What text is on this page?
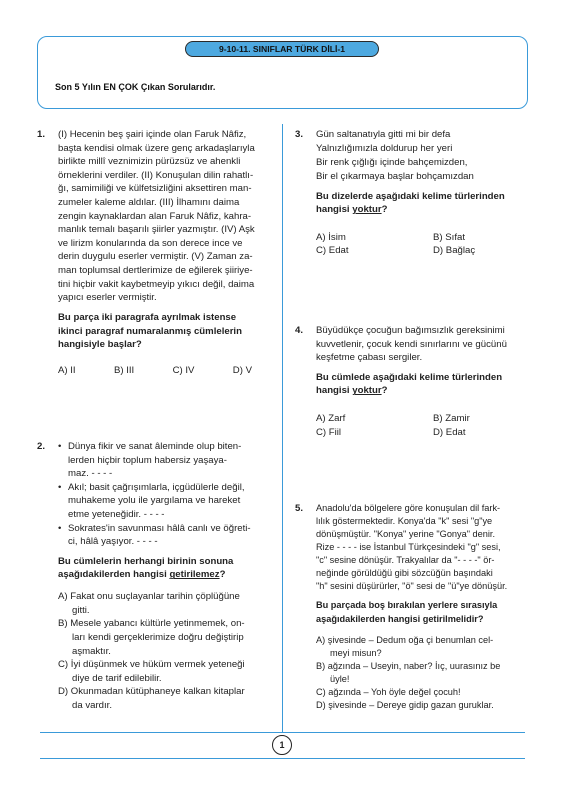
9-10-11. SINIFLAR TÜRK DİLİ-1
Son 5 Yılın EN ÇOK Çıkan Sorularıdır.
1
1. (I) Hecenin beş şairi içinde olan Faruk Nâfiz,
başta kendisi olmak üzere genç arkadaşlarıyla
birlikte millî veznimizin pürüzsüz ve ahenkli
örneklerini verdiler. (II) Konuşulan dilin rahatlı-
ğı, samimiliği ve külfetsizliğini aksettiren man-
zumeler kaleme aldılar. (III) İlhamını daima
zengin kaynaklardan alan Faruk Nâfiz, kahra-
manlık temalı başarılı şiirler yazmıştır. (IV) Aşk
ve lirizm konularında da son derece ince ve
derin duygulu eserler vermiştir. (V) Zaman za-
man toplumsal dertlerimize de eğilerek şiiriye-
tini hiçbir vakit kaybetmeyip yıkıcı değil, daima
yapıcı eserler vermiştir.
Bu parça iki paragrafa ayrılmak istense
ikinci paragraf numaralanmış cümlelerin
hangisiyle başlar?
A) II	B) III	C) IV	D) V
2.
•	Dünya fikir ve sanat âleminde olup biten-
lerden hiçbir toplum habersiz yaşaya-
maz. - - - -
• Akıl; basit çağrışımlarla, içgüdülerle değil,
muhakeme yolu ile yargılama ve hareket
etme yeteneğidir. - - - -
• Sokrates'in savunması hâlâ canlı ve öğreti-
ci, hâlâ yaşıyor. - - - -
Bu cümlelerin herhangi birinin sonuna
aşağıdakilerden hangisi getirilemez?
A) Fakat onu suçlayanlar tarihin çöplüğüne
gitti.
B) Mesele yabancı kültürle yetinmemek, on-
ları kendi gerçeklerimize doğru değiştirip
aşmaktır.
C) İyi düşünmek ve hüküm vermek yeteneği
diye de tarif edilebilir.
D) Okunmadan kütüphaneye kalkan kitaplar
da vardır.
3. Gün saltanatıyla gitti mi bir defa
Yalnızlığımızla doldurup her yeri
Bir renk çığlığı içinde bahçemizden,
Bir el çıkarmaya başlar bohçamızdan
Bu dizelerde aşağıdaki kelime türlerinden
hangisi yoktur?
A) İsim	B) Sıfat
C) Edat	D) Bağlaç
4. Büyüdükçe çocuğun bağımsızlık gereksinimi
kuvvetlenir, çocuk kendi sınırlarını ve gücünü
keşfetme çabası sergiler.
Bu cümlede aşağıdaki kelime türlerinden
hangisi yoktur?
A) Zarf	B) Zamir
C) Fiil	D) Edat
5. Anadolu'da bölgelere göre konuşulan dil fark-
lılık göstermektedir. Konya'da "k" sesi "g"ye
dönüşmüştür. "Konya" yerine "Gonya" denir.
Rize - - - - ise İstanbul Türkçesindeki "g" sesi,
"c" sesine dönüşür. Trakyalılar da "- - - -" ör-
neğinde görüldüğü gibi sözcüğün başındaki
"h" sesini düşürürler, "ö" sesi de "ü"ye dönüşür.
Bu parçada boş bırakılan yerlere sırasıyla
aşağıdakilerden hangisi getirilmelidir?
A) şivesinde – Dedum oğa çi benumlan cel-
meyi misun?
B) ağzında – Useyin, naber? İıç, uurasınız be
üyle!
C) ağzında – Yoh öyle değel çocuh!
D) şivesinde – Dereye gidip gazan guruklar.
